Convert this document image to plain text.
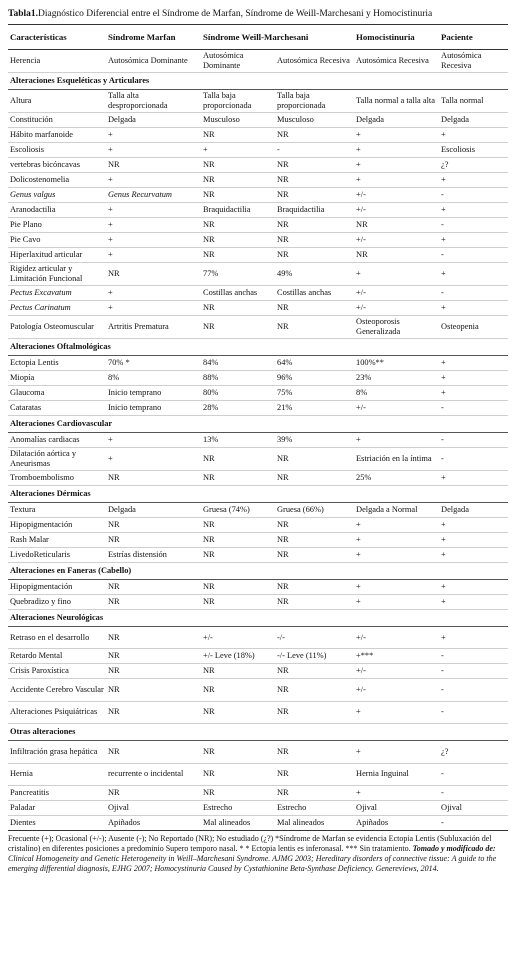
Tabla1.Diagnóstico Diferencial entre el Síndrome de Marfan, Síndrome de Weill-Marchesani y Homocistinuria
Características	Síndrome Marfan	Síndrome Weill-Marchesani		Homocistinuria	Paciente
Herencia	Autosómica Dominante	Autosómica Dominante	Autosómica Recesiva	Autosómica Recesiva	Autosómica Recesiva
Alteraciones Esqueléticas y Articulares					
Altura	Talla alta desproporcionada	Talla baja proporcionada	Talla baja proporcionada	Talla normal a talla alta	Talla normal
Constitución	Delgada	Musculoso	Musculoso	Delgada	Delgada
Hábito marfanoide	+	NR	NR	+	+
Escoliosis	+	+	-	+	Escoliosis
vertebras bicóncavas	NR	NR	NR	+	¿?
Dolicostenomelia	+	NR	NR	+	+
Genus valgus	Genus Recurvatum	NR	NR	+/-	-
Aranodactilia	+	Braquidactilia	Braquidactilia	+/-	+
Pie Plano	+	NR	NR	NR	-
Pie Cavo	+	NR	NR	+/-	+
Hiperlaxitud articular	+	NR	NR	NR	-
Rigidez articular y Limitación Funcional	NR	77%	49%	+	+
Pectus Excavatum	+	Costillas anchas	Costillas anchas	+/-	-
Pectus Carinatum	+	NR	NR	+/-	+
Patología Osteomuscular	Artritis Prematura	NR	NR	Osteoporosis Generalizada	Osteopenia
Alteraciones Oftalmológicas					
Ectopia Lentis	70% *	84%	64%	100%**	+
Miopía	8%	88%	96%	23%	+
Glaucoma	Inicio temprano	80%	75%	8%	+
Cataratas	Inicio temprano	28%	21%	+/-	-
Alteraciones Cardiovascular					
Anomalías cardiacas	+	13%	39%	+	-
Dilatación aórtica y Aneurismas	+	NR	NR	Estriación en la íntima	-
Tromboembolismo	NR	NR	NR	25%	+
Alteraciones Dérmicas					
Textura	Delgada	Gruesa (74%)	Gruesa (66%)	Delgada a Normal	Delgada
Hipopigmentación	NR	NR	NR	+	+
Rash Malar	NR	NR	NR	+	+
LivedoReticularis	Estrías distensión	NR	NR	+	+
Alteraciones en Faneras (Cabello)					
Hipopigmentación	NR	NR	NR	+	+
Quebradizo y fino	NR	NR	NR	+	+
Alteraciones Neurológicas					
Retraso en el desarrollo	NR	+/-	-/-	+/-	+
Retardo Mental	NR	+/- Leve (18%)	-/- Leve (11%)	+***	-
Crisis Paroxística	NR	NR	NR	+/-	-
Accidente Cerebro Vascular	NR	NR	NR	+/-	-
Alteraciones Psiquiátricas	NR	NR	NR	+	-
Otras alteraciones					
Infiltración grasa hepática	NR	NR	NR	+	¿?
Hernia	recurrente o incidental	NR	NR	Hernia Inguinal	-
Pancreatitis	NR	NR	NR	+	-
Paladar	Ojival	Estrecho	Estrecho	Ojival	Ojival
Dientes	Apiñados	Mal alineados	Mal alineados	Apiñados	-
Frecuente (+); Ocasional (+/-); Ausente (-); No Reportado (NR); No estudiado (¿?) *Síndrome de Marfan se evidencia Ectopia Lentis (Subluxación del cristalino) en diferentes posiciones a predominio Supero temporo nasal. * * Ectopia lentis es inferonasal. *** Sin tratamiento. Tomado y modificado de: Clinical Homogeneity and Genetic Heterogeneity in Weill–Marchesani Syndrome. AJMG 2003; Hereditary disorders of connective tissue: A guide to the emerging differential diagnosis, EJHG 2007; Homocystinuria Caused by Cystathionine Beta-Synthase Deficiency. Genereviews, 2014.
